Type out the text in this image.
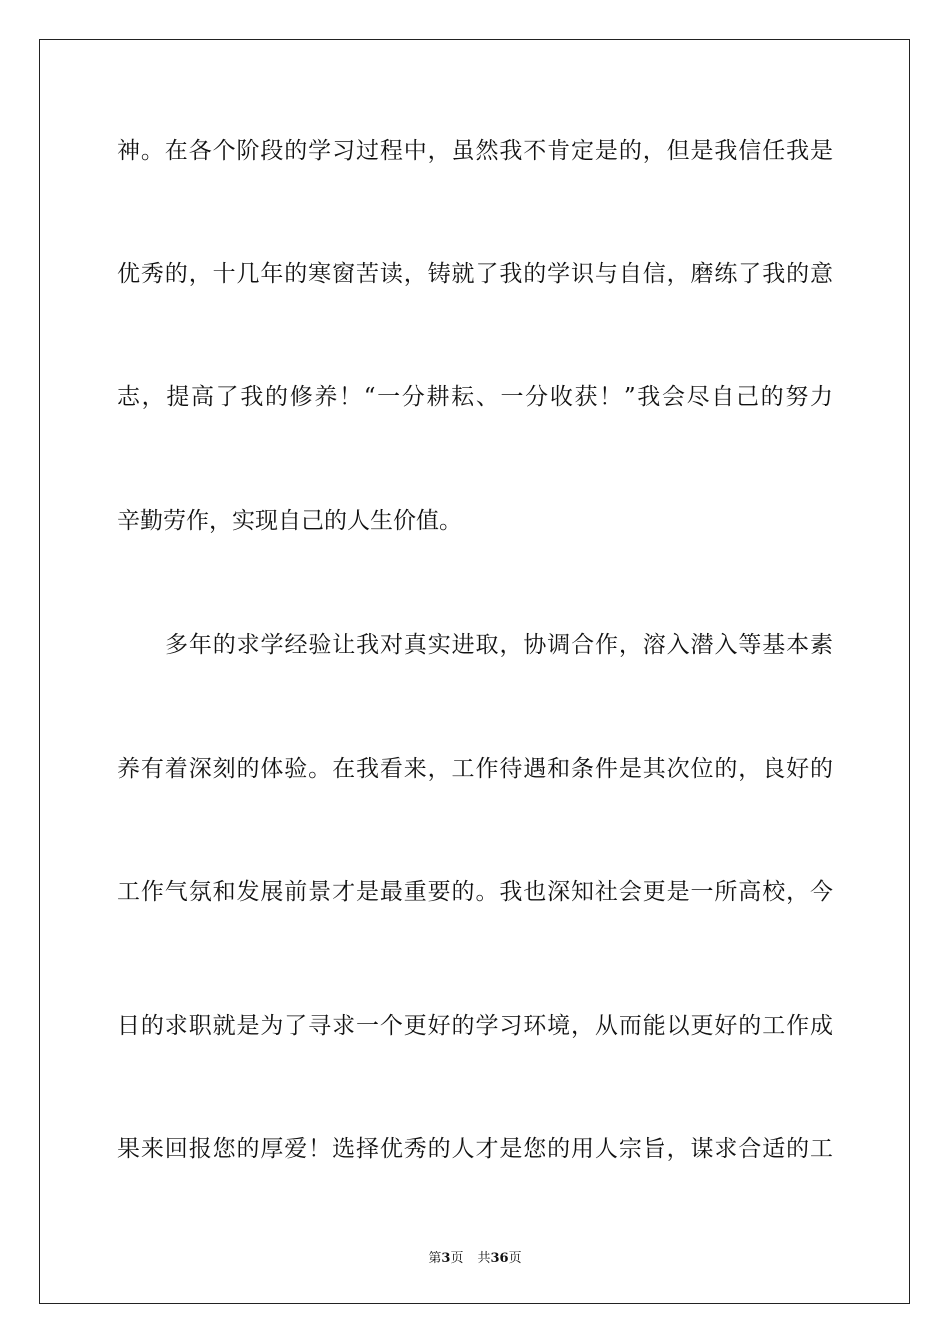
神。在各个阶段的学习过程中，虽然我不肯定是的，但是我信任我是
优秀的，十几年的寒窗苦读，铸就了我的学识与自信，磨练了我的意
志，提高了我的修养！“一分耕耘、一分收获！”我会尽自己的努力
辛勤劳作，实现自己的人生价值。
多年的求学经验让我对真实进取，协调合作，溶入潜入等基本素
养有着深刻的体验。在我看来，工作待遇和条件是其次位的，良好的
工作气氛和发展前景才是最重要的。我也深知社会更是一所高校，今
日的求职就是为了寻求一个更好的学习环境，从而能以更好的工作成
果来回报您的厚爱！选择优秀的人才是您的用人宗旨，谋求合适的工
第3页 共36页
